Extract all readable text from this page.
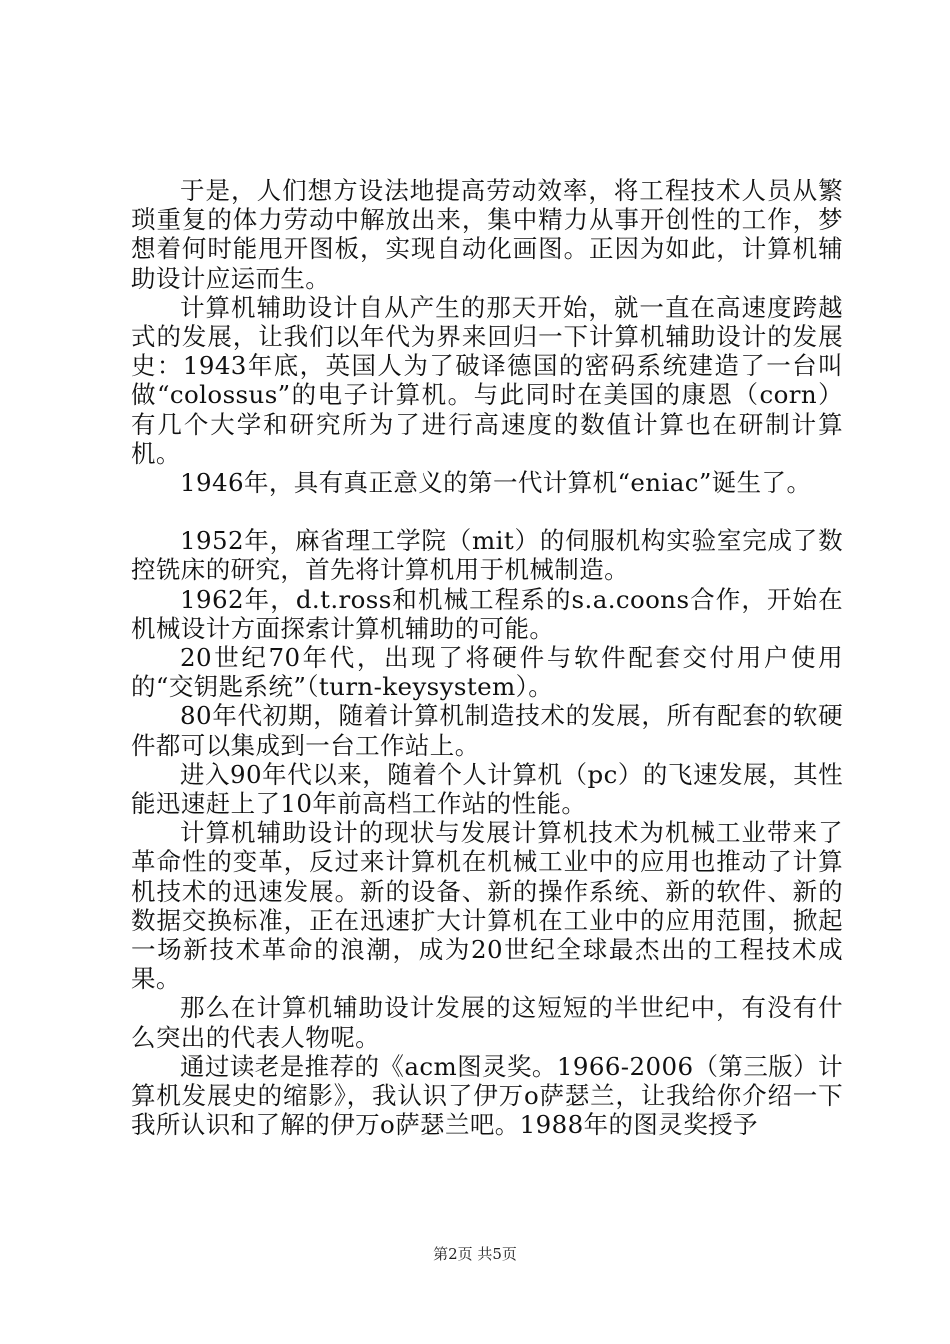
于是，人们想方设法地提高劳动效率，将工程技术人员从繁琐重复的体力劳动中解放出来，集中精力从事开创性的工作，梦想着何时能甩开图板，实现自动化画图。正因为如此，计算机辅助设计应运而生。

计算机辅助设计自从产生的那天开始，就一直在高速度跨越式的发展，让我们以年代为界来回归一下计算机辅助设计的发展史：1943年底，英国人为了破译德国的密码系统建造了一台叫做“colossus”的电子计算机。与此同时在美国的康恩（corn）有几个大学和研究所为了进行高速度的数值计算也在研制计算机。

1946年，具有真正意义的第一代计算机“eniac”诞生了。

1952年，麻省理工学院（mit）的伺服机构实验室完成了数控铣床的研究，首先将计算机用于机械制造。

1962年，d.t.ross和机械工程系的s.a.coons合作，开始在机械设计方面探索计算机辅助的可能。

20世纪70年代，出现了将硬件与软件配套交付用户使用的“交钥匙系统”（turn-keysystem）。

80年代初期，随着计算机制造技术的发展，所有配套的软硬件都可以集成到一台工作站上。

进入90年代以来，随着个人计算机（pc）的飞速发展，其性能迅速赶上了10年前高档工作站的性能。

计算机辅助设计的现状与发展计算机技术为机械工业带来了革命性的变革，反过来计算机在机械工业中的应用也推动了计算机技术的迅速发展。新的设备、新的操作系统、新的软件、新的数据交换标准，正在迅速扩大计算机在工业中的应用范围，掀起一场新技术革命的浪潮，成为20世纪全球最杰出的工程技术成果。

那么在计算机辅助设计发展的这短短的半世纪中，有没有什么突出的代表人物呢。

通过读老是推荐的《acm图灵奖。1966-2006（第三版）计算机发展史的缩影》，我认识了伊万o萨瑟兰，让我给你介绍一下我所认识和了解的伊万o萨瑟兰吧。1988年的图灵奖授予

第2页 共5页
